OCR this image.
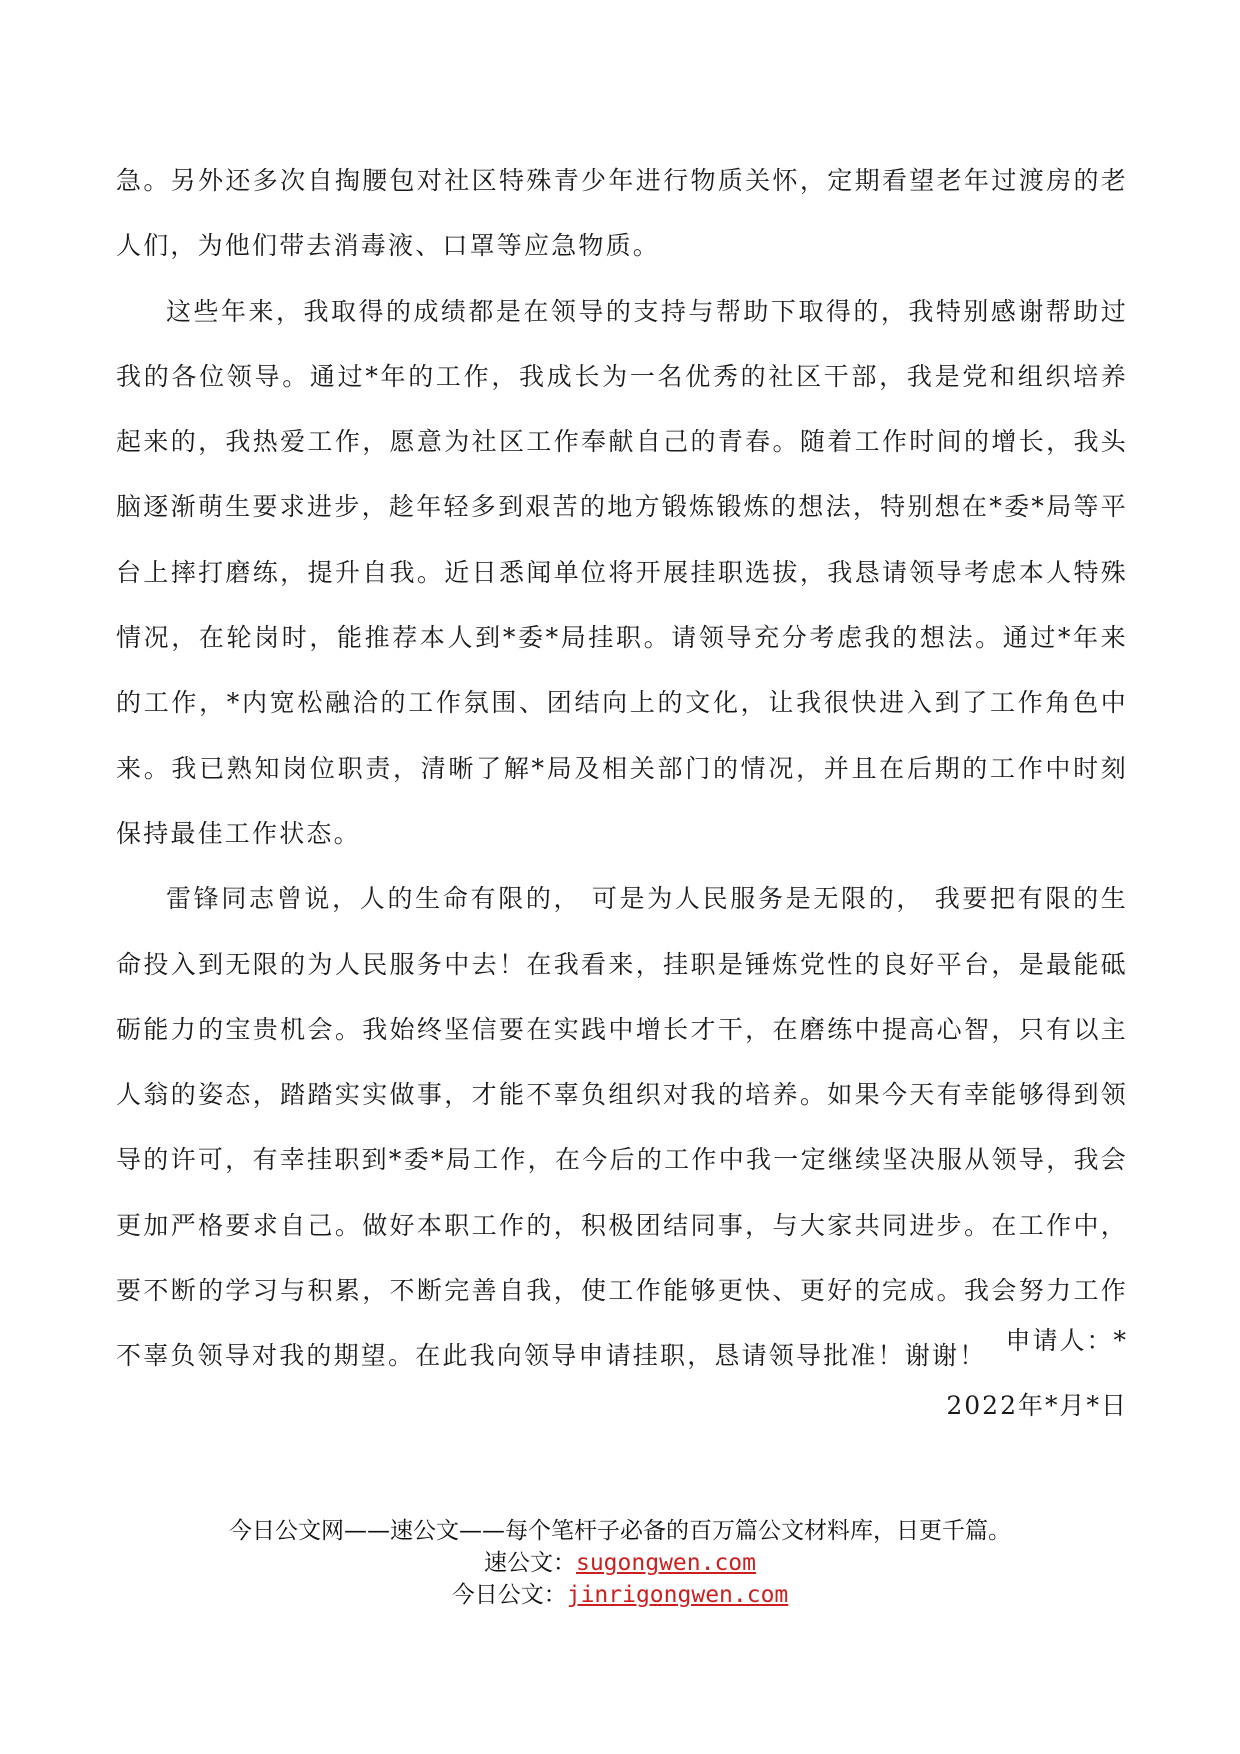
急。另外还多次自掏腰包对社区特殊青少年进行物质关怀，定期看望老年过渡房的老人们，为他们带去消毒液、口罩等应急物质。

这些年来，我取得的成绩都是在领导的支持与帮助下取得的，我特别感谢帮助过我的各位领导。通过*年的工作，我成长为一名优秀的社区干部，我是党和组织培养起来的，我热爱工作，愿意为社区工作奉献自己的青春。随着工作时间的增长，我头脑逐渐萌生要求进步，趁年轻多到艰苦的地方锻炼锻炼的想法，特别想在*委*局等平台上摔打磨练，提升自我。近日悉闻单位将开展挂职选拔，我恳请领导考虑本人特殊情况，在轮岗时，能推荐本人到*委*局挂职。请领导充分考虑我的想法。通过*年来的工作，*内宽松融洽的工作氛围、团结向上的文化，让我很快进入到了工作角色中来。我已熟知岗位职责，清晰了解*局及相关部门的情况，并且在后期的工作中时刻保持最佳工作状态。

雷锋同志曾说，人的生命有限的， 可是为人民服务是无限的， 我要把有限的生命投入到无限的为人民服务中去！在我看来，挂职是锤炼党性的良好平台，是最能砥砺能力的宝贵机会。我始终坚信要在实践中增长才干，在磨练中提高心智，只有以主人翁的姿态，踏踏实实做事，才能不辜负组织对我的培养。如果今天有幸能够得到领导的许可，有幸挂职到*委*局工作，在今后的工作中我一定继续坚决服从领导，我会更加严格要求自己。做好本职工作的，积极团结同事，与大家共同进步。在工作中，要不断的学习与积累，不断完善自我，使工作能够更快、更好的完成。我会努力工作不辜负领导对我的期望。在此我向领导申请挂职，恳请领导批准！谢谢！

申请人：*
2022年*月*日
今日公文网——速公文——每个笔杆子必备的百万篇公文材料库，日更千篇。
速公文：sugongwen.com
今日公文：jinrigongwen.com
